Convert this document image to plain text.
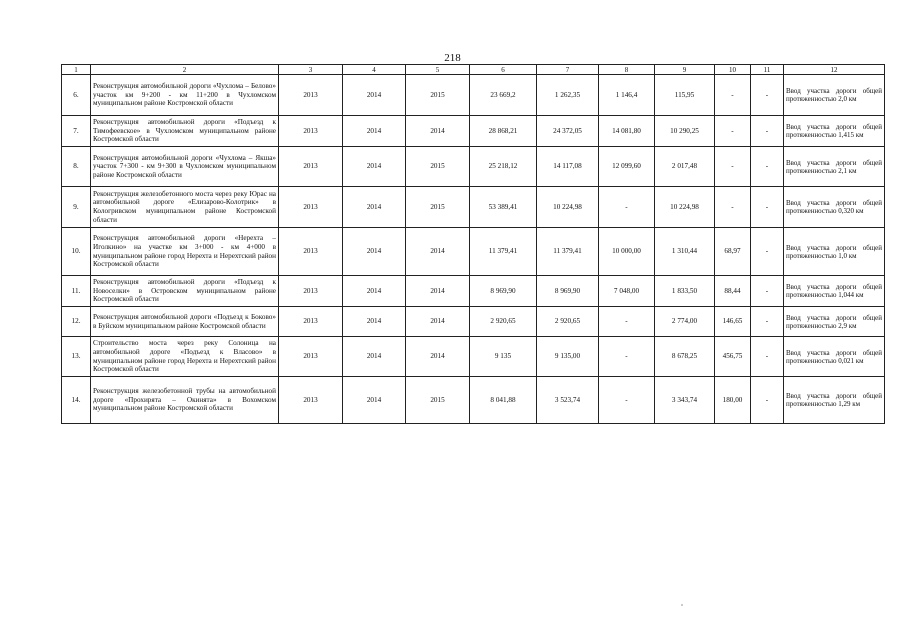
218
1	2	3	4	5	6	7	8	9	10	11	12
6.	Реконструкция автомобильной дороги «Чухлома – Белово» участок км 9+200 - км 11+200 в Чухломском муниципальном районе Костромской области	2013	2014	2015	23 669,2	1 262,35	1 146,4	115,95	-	-	Ввод участка дороги общей протяженностью 2,0 км
7.	Реконструкция автомобильной дороги «Подъезд к Тимофеевское» в Чухломском муниципальном районе Костромской области	2013	2014	2014	28 868,21	24 372,05	14 081,80	10 290,25	-	-	Ввод участка дороги общей протяженностью 1,415 км
8.	Реконструкция автомобильной дороги «Чухлома – Якша» участок 7+300 - км 9+300 в Чухломском муниципальном районе Костромской области	2013	2014	2015	25 218,12	14 117,08	12 099,60	2 017,48	-	-	Ввод участка дороги общей протяженностью 2,1 км
9.	Реконструкция железобетонного моста через реку Юрас на автомобильной дороге «Елизарово-Колотрик» в Кологривском муниципальном районе Костромской области	2013	2014	2015	53 389,41	10 224,98	-	10 224,98	-	-	Ввод участка дороги общей протяженностью 0,320 км
10.	Реконструкция автомобильной дороги «Нерехта – Иголкино» на участке км 3+000 - км 4+000 в муниципальном районе город Нерехта и Нерехтский район Костромской области	2013	2014	2014	11 379,41	11 379,41	10 000,00	1 310,44	68,97	-	Ввод участка дороги общей протяженностью 1,0 км
11.	Реконструкция автомобильной дороги «Подъезд к Новоселки» в Островском муниципальном районе Костромской области	2013	2014	2014	8 969,90	8 969,90	7 048,00	1 833,50	88,44	-	Ввод участка дороги общей протяженностью 1,044 км
12.	Реконструкция автомобильной дороги «Подъезд к Боково» в Буйском муниципальном районе Костромской области	2013	2014	2014	2 920,65	2 920,65	-	2 774,00	146,65	-	Ввод участка дороги общей протяженностью 2,9 км
13.	Строительство моста через реку Солоница на автомобильной дороге «Подъезд к Власово» в муниципальном районе город Нерехта и Нерехтский район Костромской области	2013	2014	2014	9 135	9 135,00	-	8 678,25	456,75	-	Ввод участка дороги общей протяженностью 0,021 км
14.	Реконструкция железобетонной трубы на автомобильной дороге «Прохирята – Окинята» в Вохомском муниципальном районе Костромской области	2013	2014	2015	8 041,88	3 523,74	-	3 343,74	180,00	-	Ввод участка дороги общей протяженностью 1,29 км
